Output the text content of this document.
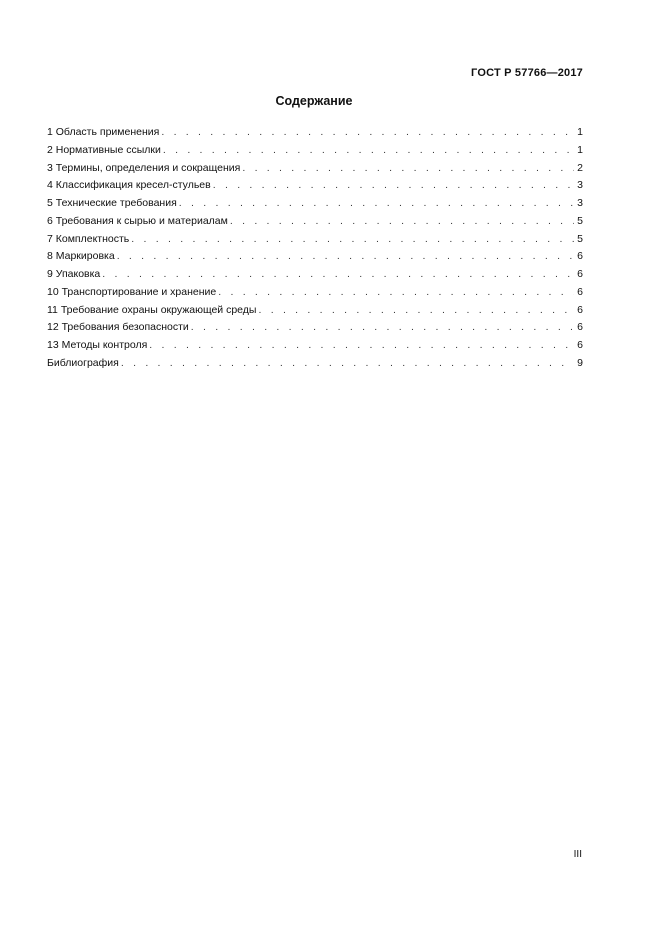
ГОСТ Р 57766—2017
Содержание
1 Область применения . . .	1
2 Нормативные ссылки . . .	1
3 Термины, определения и сокращения . . .	2
4 Классификация кресел-стульев . . .	3
5 Технические требования . . .	3
6 Требования к сырью и материалам . . .	5
7 Комплектность . . .	5
8 Маркировка . . .	6
9 Упаковка . . .	6
10 Транспортирование и хранение . . .	6
11 Требование охраны окружающей среды . . .	6
12 Требования безопасности . . .	6
13 Методы контроля . . .	6
Библиография . . .	9
III
